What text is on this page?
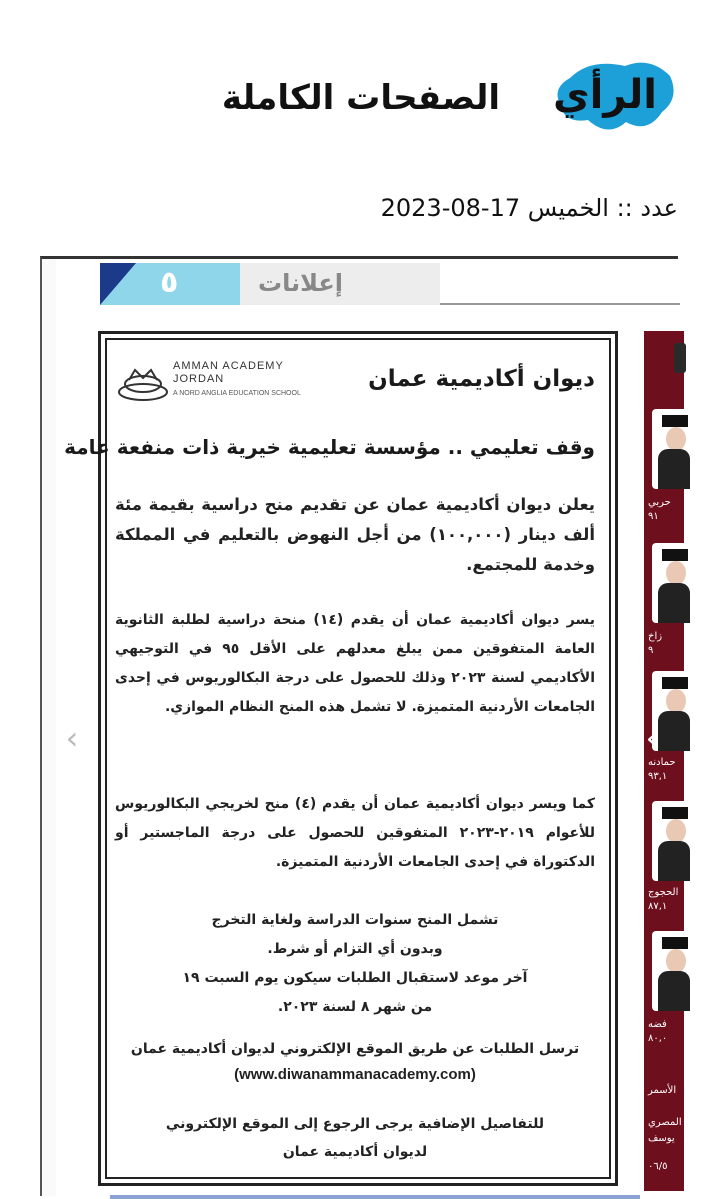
الرأي
الصفحات الكاملة
عدد :: الخميس 17-08-2023
٥	إعلانات
AMMAN ACADEMY
JORDAN
A NORD ANGLIA EDUCATION SCHOOL
ديوان أكاديمية عمان
وقف تعليمي .. مؤسسة تعليمية خيرية ذات منفعة عامة
يعلن ديوان أكاديمية عمان عن تقديم منح دراسية بقيمة مئة ألف دينار (١٠٠,٠٠٠) من أجل النهوض بالتعليم في المملكة وخدمة للمجتمع.
يسر ديوان أكاديمية عمان أن يقدم (١٤) منحة دراسية لطلبة الثانوية العامة المتفوقين ممن يبلغ معدلهم على الأقل ٩٥ في التوجيهي الأكاديمي لسنة ٢٠٢٣ وذلك للحصول على درجة البكالوريوس في إحدى الجامعات الأردنية المتميزة. لا تشمل هذه المنح النظام الموازي.
كما ويسر ديوان أكاديمية عمان أن يقدم (٤) منح لخريجي البكالوريوس للأعوام ٢٠١٩-٢٠٢٣ المتفوقين للحصول على درجة الماجستير أو الدكتوراة في إحدى الجامعات الأردنية المتميزة.
تشمل المنح سنوات الدراسة ولغاية التخرج
وبدون أي التزام أو شرط.
آخر موعد لاستقبال الطلبات سيكون يوم السبت ١٩
من شهر ٨ لسنة ٢٠٢٣.
ترسل الطلبات عن طريق الموقع الإلكتروني لديوان أكاديمية عمان
(www.diwanammanacademy.com)
للتفاصيل الإضافية يرجى الرجوع إلى الموقع الإلكتروني
لديوان أكاديمية عمان
حربي
٩١
زاخ
٩
حمادنه
٩٣,١
الحجوج
٨٧,١
فضه
٨٠,٠
الأسمر
المصري
يوسف
٠٦/٥
‹	‹
